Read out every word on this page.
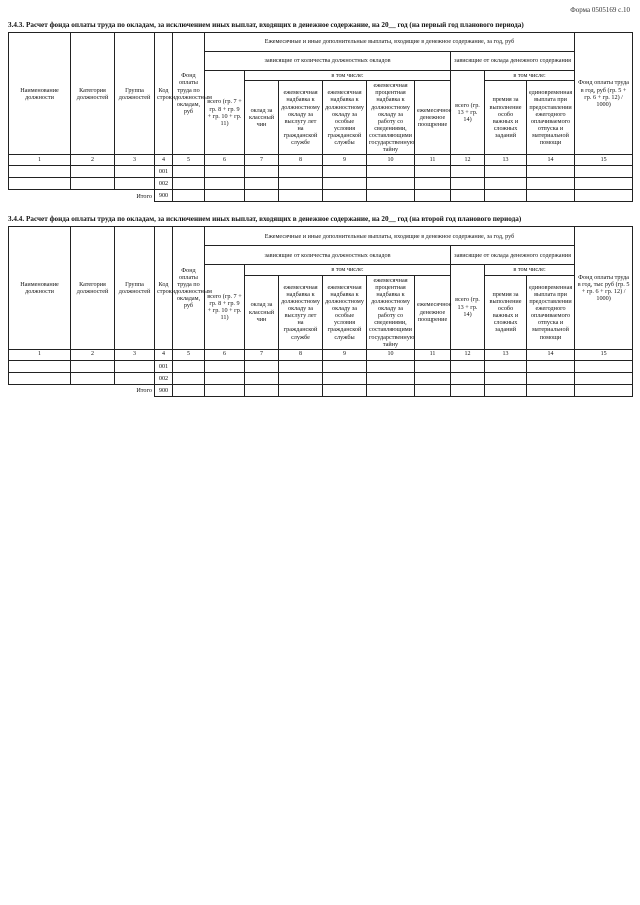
Форма 0505169 с.10
3.4.3. Расчет фонда оплаты труда по окладам, за исключением иных выплат, входящих в денежное содержание, на 20__ год (на первый год планового периода)
Наименование должности	Категория должностей	Группа должностей	Код строки	Фонд оплаты труда по должностным окладам, руб	Ежемесячные и иные дополнительные выплаты, входящие в денежное содержание, за год, руб									Фонд оплаты труда в год, руб (гр. 5 + гр. 6 + гр. 12) / 1000)
					зависящие от количества должностных окладов						зависящие от оклада денежного содержания			
					всего (гр. 7 + гр. 8 + гр. 9 + гр. 10 + гр. 11)	в том числе:					всего (гр. 13 + гр. 14)	в том числе:		
						оклад за классный чин	ежемесячная надбавка к должностному окладу за выслугу лет на гражданской службе	ежемесячная надбавка к должностному окладу за особые условия гражданской службы	ежемесячная процентная надбавка к должностному окладу за работу со сведениями, составляющими государственную тайну	ежемесячное денежное поощрение		премия за выполнение особо важных и сложных заданий	единовременная выплата при предоставлении ежегодного оплачиваемого отпуска и материальной помощи	
1	2	3	4	5	6	7	8	9	10	11	12	13	14	15
			001											
			002											
Итого			900											
3.4.4. Расчет фонда оплаты труда по окладам, за исключением иных выплат, входящих в денежное содержание, на 20__ год (на второй год планового периода)
Наименование должности	Категория должностей	Группа должностей	Код строки	Фонд оплаты труда по должностным окладам, руб	Ежемесячные и иные дополнительные выплаты, входящие в денежное содержание, за год, руб									Фонд оплаты труда в год, тыс руб (гр. 5 + гр. 6 + гр. 12) / 1000)
					зависящие от количества должностных окладов						зависящие от оклада денежного содержания			
					всего (гр. 7 + гр. 8 + гр. 9 + гр. 10 + гр. 11)	в том числе:					всего (гр. 13 + гр. 14)	в том числе:		
						оклад за классный чин	ежемесячная надбавка к должностному окладу за выслугу лет на гражданской службе	ежемесячная надбавка к должностному окладу за особые условия гражданской службы	ежемесячная процентная надбавка к должностному окладу за работу со сведениями, составляющими государственную тайну	ежемесячное денежное поощрение		премия за выполнение особо важных и сложных заданий	единовременная выплата при предоставлении ежегодного оплачиваемого отпуска и материальной помощи	
1	2	3	4	5	6	7	8	9	10	11	12	13	14	15
			001											
			002											
Итого			900											
